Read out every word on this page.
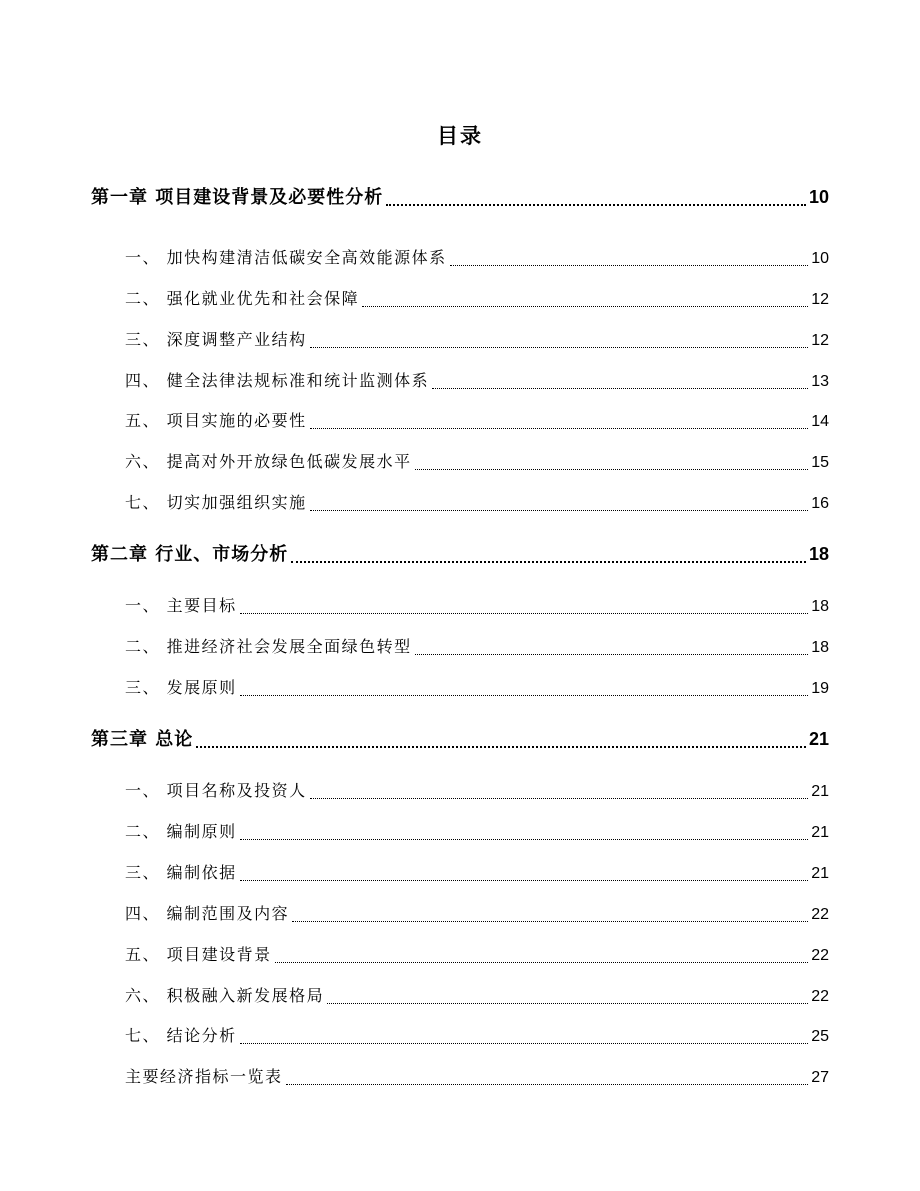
目录
第一章 项目建设背景及必要性分析	10
一、 加快构建清洁低碳安全高效能源体系	10
二、 强化就业优先和社会保障	12
三、 深度调整产业结构	12
四、 健全法律法规标准和统计监测体系	13
五、 项目实施的必要性	14
六、 提高对外开放绿色低碳发展水平	15
七、 切实加强组织实施	16
第二章 行业、市场分析	18
一、 主要目标	18
二、 推进经济社会发展全面绿色转型	18
三、 发展原则	19
第三章 总论	21
一、 项目名称及投资人	21
二、 编制原则	21
三、 编制依据	21
四、 编制范围及内容	22
五、 项目建设背景	22
六、 积极融入新发展格局	22
七、 结论分析	25
主要经济指标一览表	27
